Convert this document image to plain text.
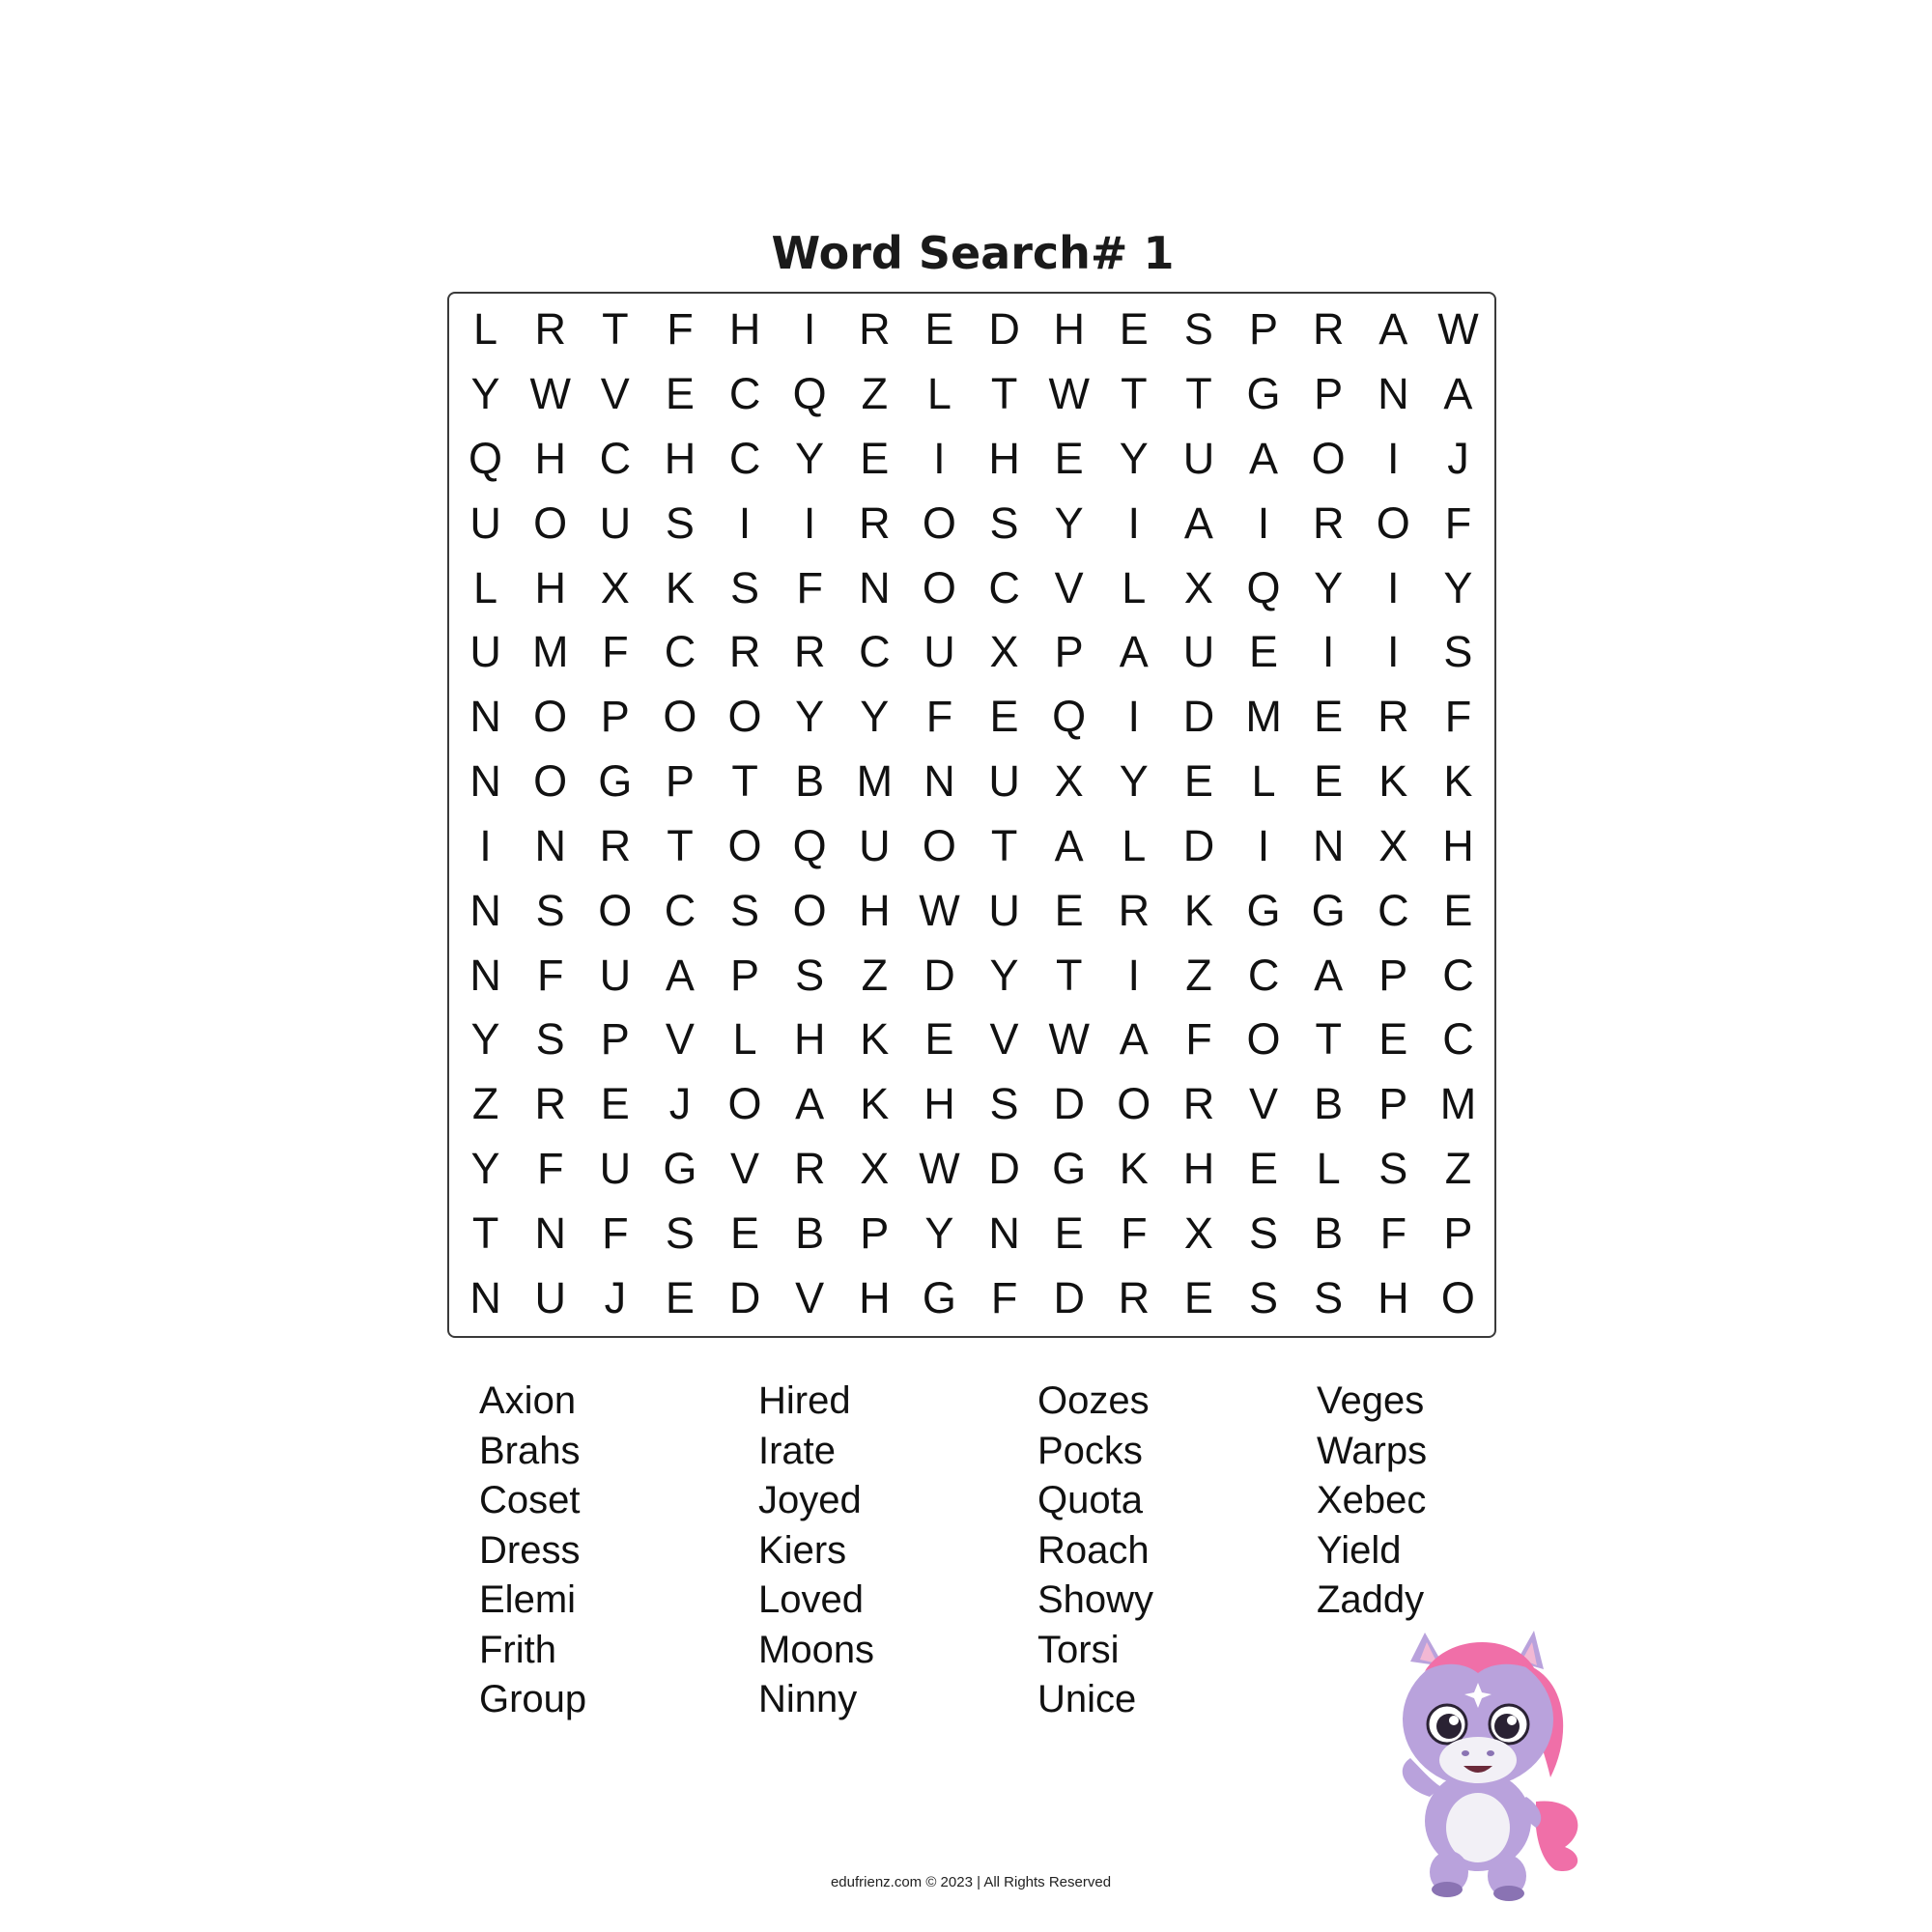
Word Search# 1
L R T F H I R E D H E S P R A W
Y W V E C Q Z L T W T T G P N A
Q H C H C Y E	I H E Y U A O I	J
U O U S	I	I R O S Y	I	A	I R O F
L H X K S F N O C V L X Q Y	I	Y
U M F C R R C U X P A U E	I	I	S
N O P O O Y Y F E Q I D M E R F
N O G P T B M N U X Y E L E K K
I N R T O Q U O T A L D I N X H
N S O C S O H W U E R K G G C E
N F U A P S Z D Y T	I	Z C A P C
Y S P V L H K E V W A F O T E C
Z R E J O A K H S D O R V B P M
Y F U G V R X W D G K H E L S Z
T N F S E B P Y N E F X S B F P
N U J E D V H G F D R E S S H O
Axion
Brahs
Coset
Dress
Elemi
Frith
Group
Hired
Irate
Joyed
Kiers
Loved
Moons
Ninny
Oozes
Pocks
Quota
Roach
Showy
Torsi
Unice
Veges
Warps
Xebec
Yield
Zaddy
edufrienz.com © 2023 | All Rights Reserved
